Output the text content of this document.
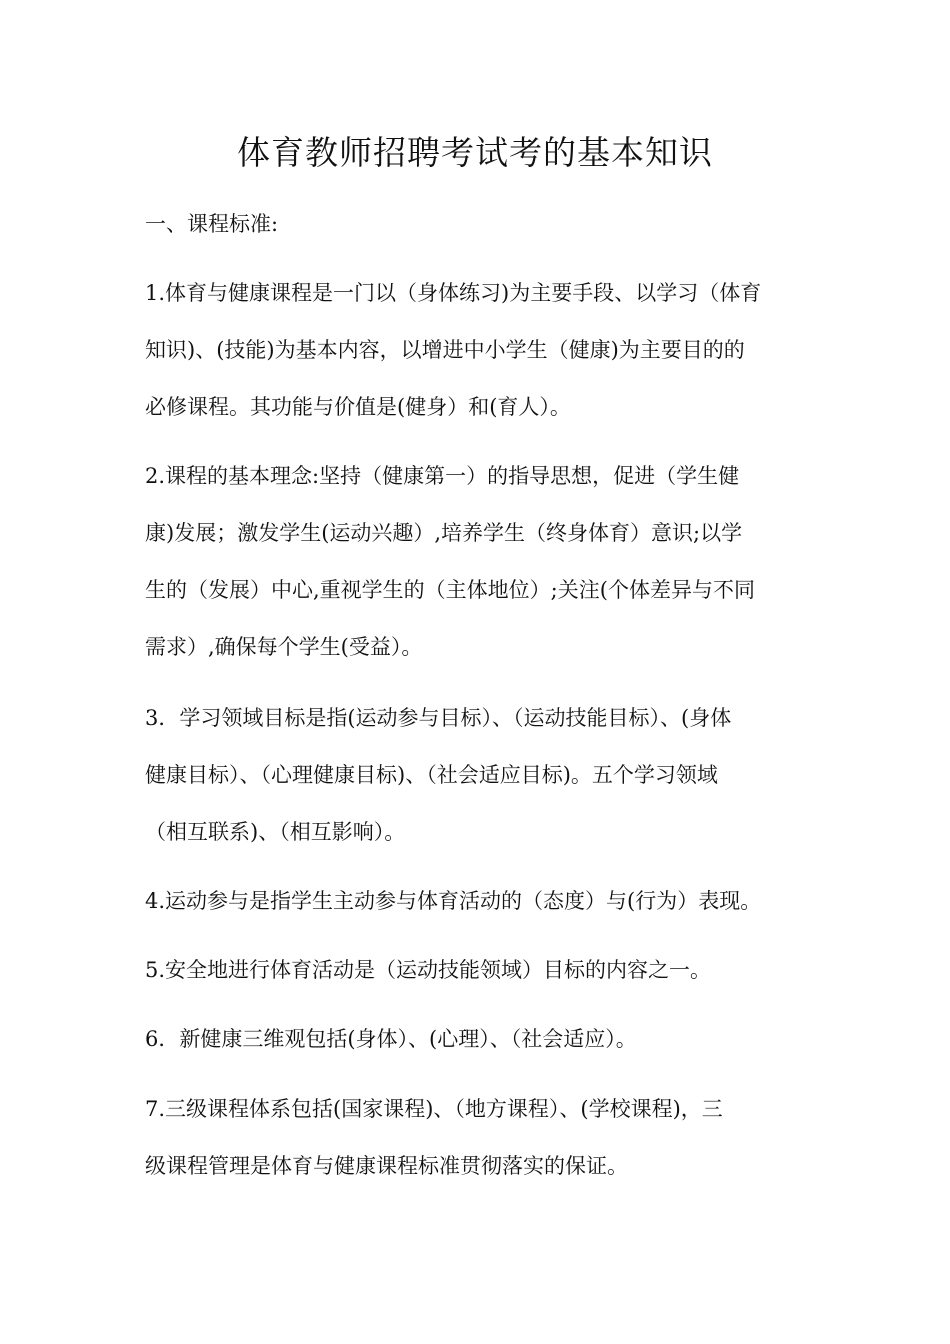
体育教师招聘考试考的基本知识
一、课程标准:
1.体育与健康课程是一门以（身体练习)为主要手段、以学习（体育
知识)、(技能)为基本内容，以增进中小学生（健康)为主要目的的
必修课程。其功能与价值是(健身）和(育人）。
2.课程的基本理念:坚持（健康第一）的指导思想，促进（学生健
康)发展；激发学生(运动兴趣）,培养学生（终身体育）意识;以学
生的（发展）中心,重视学生的（主体地位）;关注(个体差异与不同
需求）,确保每个学生(受益）。
3．学习领域目标是指(运动参与目标）、（运动技能目标）、(身体
健康目标）、（心理健康目标)、（社会适应目标)。五个学习领域
（相互联系)、（相互影响）。
4.运动参与是指学生主动参与体育活动的（态度）与(行为）表现。
5.安全地进行体育活动是（运动技能领域）目标的内容之一。
6．新健康三维观包括(身体）、(心理）、（社会适应）。
7.三级课程体系包括(国家课程)、（地方课程）、(学校课程)，三
级课程管理是体育与健康课程标准贯彻落实的保证。
